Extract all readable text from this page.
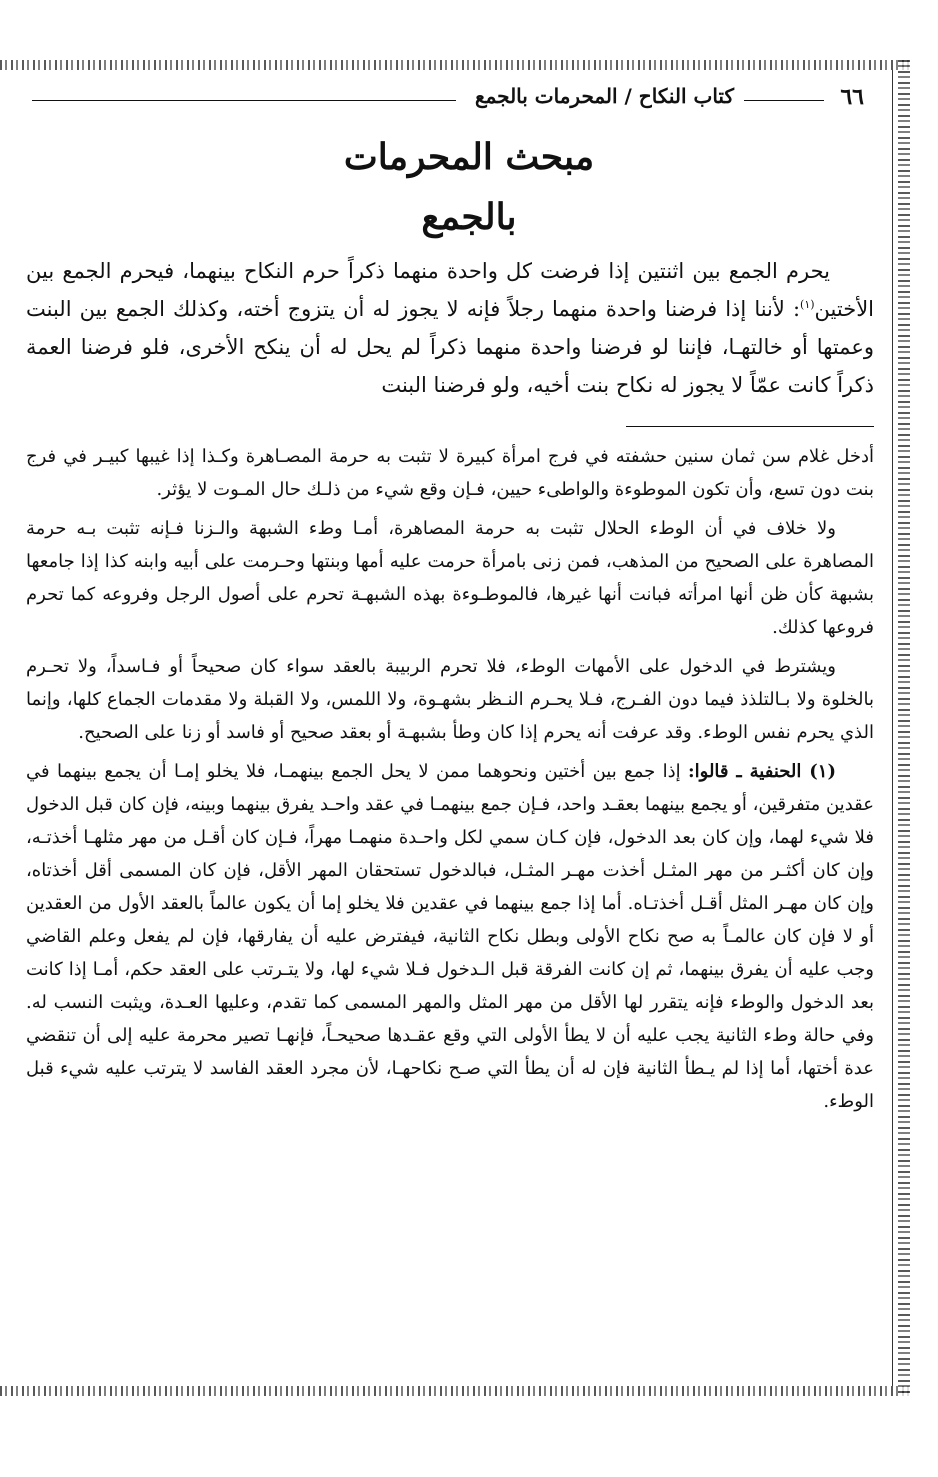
٦٦
كتاب النكاح / المحرمات بالجمع
مبحث المحرمات
بالجمع

يحرم الجمع بين اثنتين إذا فرضت كل واحدة منهما ذكراً حرم النكاح بينهما، فيحرم الجمع بين الأختين$^{(١)}$: لأننا إذا فرضنا واحدة منهما رجلاً فإنه لا يجوز له أن يتزوج أخته، وكذلك الجمع بين البنت وعمتها أو خالتهـا، فإننا لو فرضنا واحدة منهما ذكراً لم يحل له أن ينكح الأخرى، فلو فرضنا العمة ذكراً كانت عمّاً لا يجوز له نكاح بنت أخيه، ولو فرضنا البنت

أدخل غلام سن ثمان سنين حشفته في فرج امرأة كبيرة لا تثبت به حرمة المصـاهرة وكـذا إذا غيبها كبيـر في فرج بنت دون تسع، وأن تكون الموطوءة والواطىء حيين، فـإن وقع شيء من ذلـك حال المـوت لا يؤثر.

ولا خلاف في أن الوطء الحلال تثبت به حرمة المصاهرة، أمـا وطء الشبهة والـزنا فـإنه تثبت بـه حرمة المصاهرة على الصحيح من المذهب، فمن زنى بامرأة حرمت عليه أمها وبنتها وحـرمت على أبيه وابنه كذا إذا جامعها بشبهة كأن ظن أنها امرأته فبانت أنها غيرها، فالموطـوءة بهذه الشبهـة تحرم على أصول الرجل وفروعه كما تحرم فروعها كذلك.

ويشترط في الدخول على الأمهات الوطء، فلا تحرم الربيبة بالعقد سواء كان صحيحاً أو فـاسداً، ولا تحـرم بالخلوة ولا بـالتلذذ فيما دون الفـرج، فـلا يحـرم النـظر بشهـوة، ولا اللمس، ولا القبلة ولا مقدمات الجماع كلها، وإنما الذي يحرم نفس الوطء. وقد عرفت أنه يحرم إذا كان وطأ بشبهـة أو بعقد صحيح أو فاسد أو زنا على الصحيح.

(١) الحنفية ـ قالوا: إذا جمع بين أختين ونحوهما ممن لا يحل الجمع بينهمـا، فلا يخلو إمـا أن يجمع بينهما في عقدين متفرقين، أو يجمع بينهما بعقـد واحد، فـإن جمع بينهمـا في عقد واحـد يفرق بينهما وبينه، فإن كان قبل الدخول فلا شيء لهما، وإن كان بعد الدخول، فإن كـان سمي لكل واحـدة منهمـا مهراً، فـإن كان أقـل من مهر مثلهـا أخذتـه، وإن كان أكثـر من مهر المثـل أخذت مهـر المثـل، فبالدخول تستحقان المهر الأقل، فإن كان المسمى أقل أخذتاه، وإن كان مهـر المثل أقـل أخذتـاه. أما إذا جمع بينهما في عقدين فلا يخلو إما أن يكون عالماً بالعقد الأول من العقدين أو لا فإن كان عالمـاً به صح نكاح الأولى وبطل نكاح الثانية، فيفترض عليه أن يفارقها، فإن لم يفعل وعلم القاضي وجب عليه أن يفرق بينهما، ثم إن كانت الفرقة قبل الـدخول فـلا شيء لها، ولا يتـرتب على العقد حكم، أمـا إذا كانت بعد الدخول والوطء فإنه يتقرر لها الأقل من مهر المثل والمهر المسمى كما تقدم، وعليها العـدة، ويثبت النسب له. وفي حالة وطء الثانية يجب عليه أن لا يطأ الأولى التي وقع عقـدها صحيحـاً، فإنهـا تصير محرمة عليه إلى أن تنقضي عدة أختها، أما إذا لم يـطأ الثانية فإن له أن يطأ التي صـح نكاحهـا، لأن مجرد العقد الفاسد لا يترتب عليه شيء قبل الوطء.
